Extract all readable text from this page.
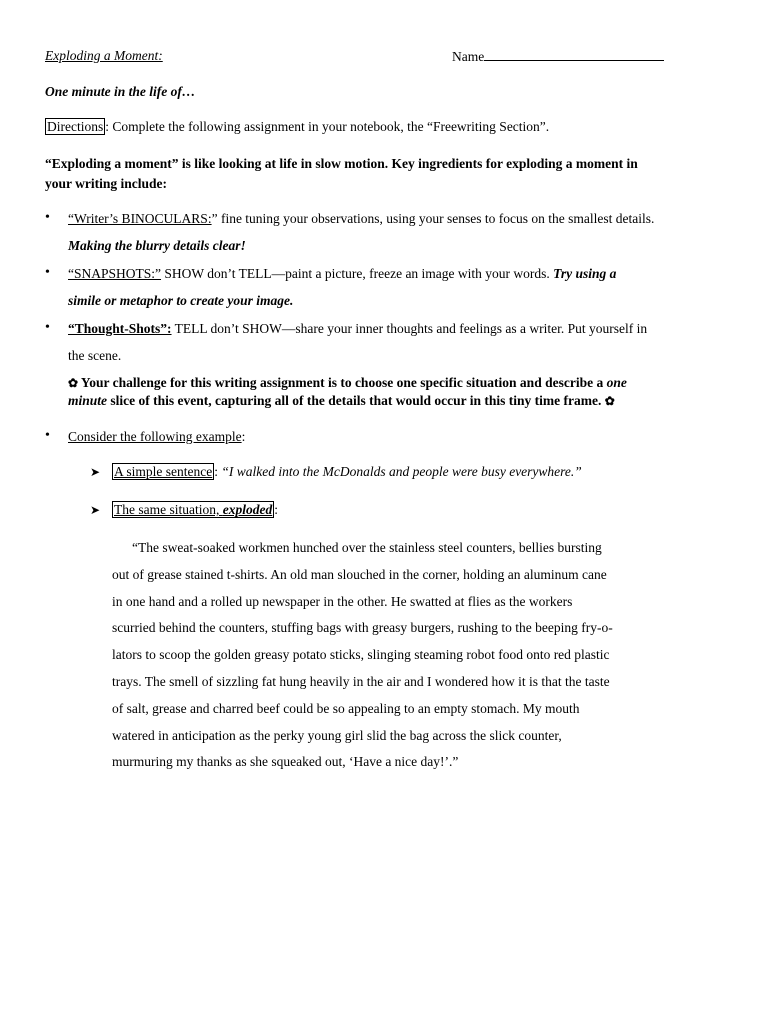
Exploding a Moment:	Name
One minute in the life of…
Directions : Complete the following assignment in your notebook, the “Freewriting Section”.
“Exploding a moment” is like looking at life in slow motion. Key ingredients for exploding a moment in
your writing include:
• “Writer’s BINOCULARS:” fine tuning your observations, using your senses to focus on the smallest details.
Making the blurry details clear!
• “SNAPSHOTS:” SHOW don’t TELL—paint a picture, freeze an image with your words. Try using a
simile or metaphor to create your image.
• “Thought-Shots”: TELL don’t SHOW—share your inner thoughts and feelings as a writer. Put yourself in
the scene.
✿ Your challenge for this writing assignment is to choose one specific situation and describe a one
minute slice of this event, capturing all of the details that would occur in this tiny time frame. ✿
• Consider the following example:
➤ A simple sentence : “I walked into the McDonalds and people were busy everywhere.”
➤ The same situation, exploded :
“The sweat-soaked workmen hunched over the stainless steel counters, bellies bursting
out of grease stained t-shirts. An old man slouched in the corner, holding an aluminum cane
in one hand and a rolled up newspaper in the other. He swatted at flies as the workers
scurried behind the counters, stuffing bags with greasy burgers, rushing to the beeping fry-o-
lators to scoop the golden greasy potato sticks, slinging steaming robot food onto red plastic
trays. The smell of sizzling fat hung heavily in the air and I wondered how it is that the taste
of salt, grease and charred beef could be so appealing to an empty stomach. My mouth
watered in anticipation as the perky young girl slid the bag across the slick counter,
murmuring my thanks as she squeaked out, ‘Have a nice day!’.”
